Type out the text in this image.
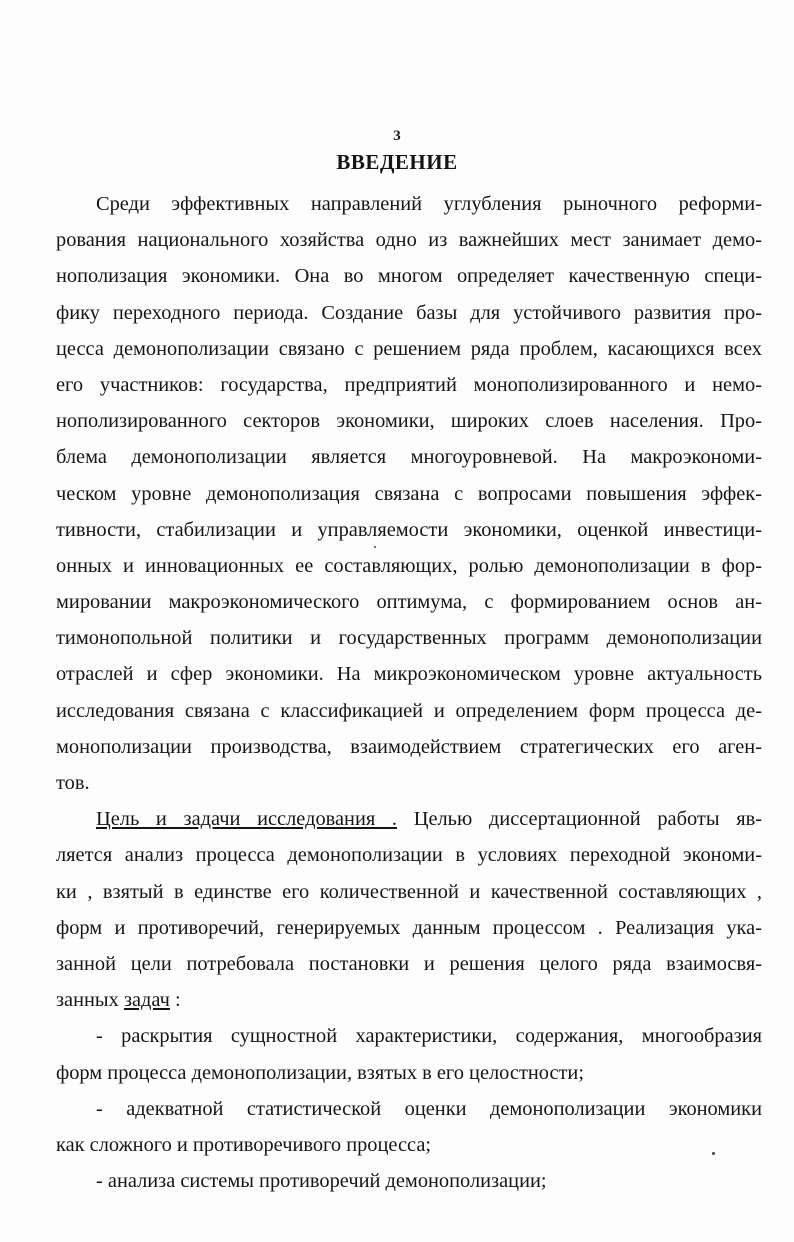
3
ВВЕДЕНИЕ
Среди эффективных направлений углубления рыночного реформи-
рования национального хозяйства одно из важнейших мест занимает демо-
нополизация экономики. Она во многом определяет качественную специ-
фику переходного периода. Создание базы для устойчивого развития про-
цесса демонополизации связано с решением ряда проблем, касающихся всех
его участников: государства, предприятий монополизированного и немо-
нополизированного секторов экономики, широких слоев населения. Про-
блема демонополизации является многоуровневой. На макроэкономи-
ческом уровне демонополизация связана с вопросами повышения эффек-
тивности, стабилизации и управляемости экономики, оценкой инвестици-
онных и инновационных ее составляющих, ролью демонополизации в фор-
мировании макроэкономического оптимума, с формированием основ ан-
тимонопольной политики и государственных программ демонополизации
отраслей и сфер экономики. На микроэкономическом уровне актуальность
исследования связана с классификацией и определением форм процесса де-
монополизации производства, взаимодействием стратегических его аген-
тов.
Цель и задачи исследования . Целью диссертационной работы яв-
ляется анализ процесса демонополизации в условиях переходной экономи-
ки , взятый в единстве его количественной и качественной составляющих ,
форм и противоречий, генерируемых данным процессом . Реализация ука-
занной цели потребовала постановки и решения целого ряда взаимосвя-
занных задач :
- раскрытия сущностной характеристики, содержания, многообразия
форм процесса демонополизации, взятых в его целостности;
- адекватной статистической оценки демонополизации экономики
как сложного и противоречивого процесса;
- анализа системы противоречий демонополизации;
